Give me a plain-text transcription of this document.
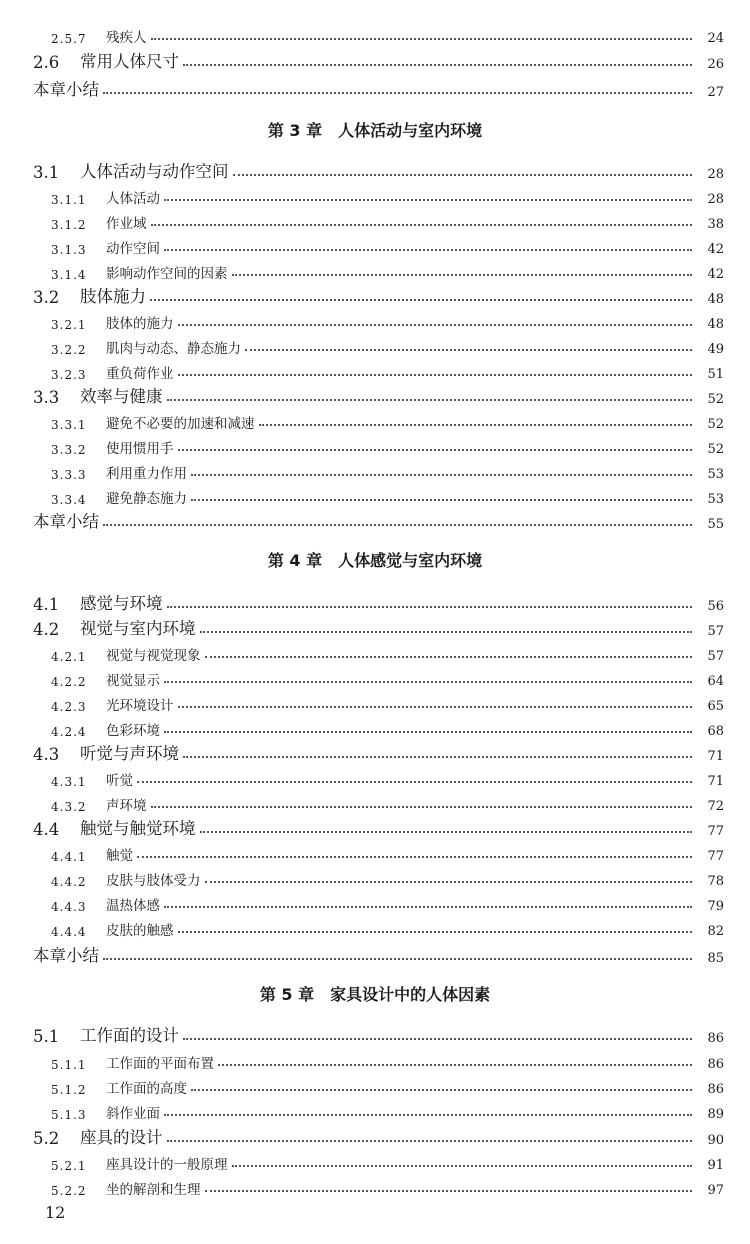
2.5.7	残疾人	24
2.6	常用人体尺寸	26
本章小结	27
第 3 章　人体活动与室内环境
3.1	人体活动与动作空间	28
3.1.1	人体活动	28
3.1.2	作业域	38
3.1.3	动作空间	42
3.1.4	影响动作空间的因素	42
3.2	肢体施力	48
3.2.1	肢体的施力	48
3.2.2	肌肉与动态、静态施力	49
3.2.3	重负荷作业	51
3.3	效率与健康	52
3.3.1	避免不必要的加速和减速	52
3.3.2	使用惯用手	52
3.3.3	利用重力作用	53
3.3.4	避免静态施力	53
本章小结	55
第 4 章　人体感觉与室内环境
4.1	感觉与环境	56
4.2	视觉与室内环境	57
4.2.1	视觉与视觉现象	57
4.2.2	视觉显示	64
4.2.3	光环境设计	65
4.2.4	色彩环境	68
4.3	听觉与声环境	71
4.3.1	听觉	71
4.3.2	声环境	72
4.4	触觉与触觉环境	77
4.4.1	触觉	77
4.4.2	皮肤与肢体受力	78
4.4.3	温热体感	79
4.4.4	皮肤的触感	82
本章小结	85
第 5 章　家具设计中的人体因素
5.1	工作面的设计	86
5.1.1	工作面的平面布置	86
5.1.2	工作面的高度	86
5.1.3	斜作业面	89
5.2	座具的设计	90
5.2.1	座具设计的一般原理	91
5.2.2	坐的解剖和生理	97
12
